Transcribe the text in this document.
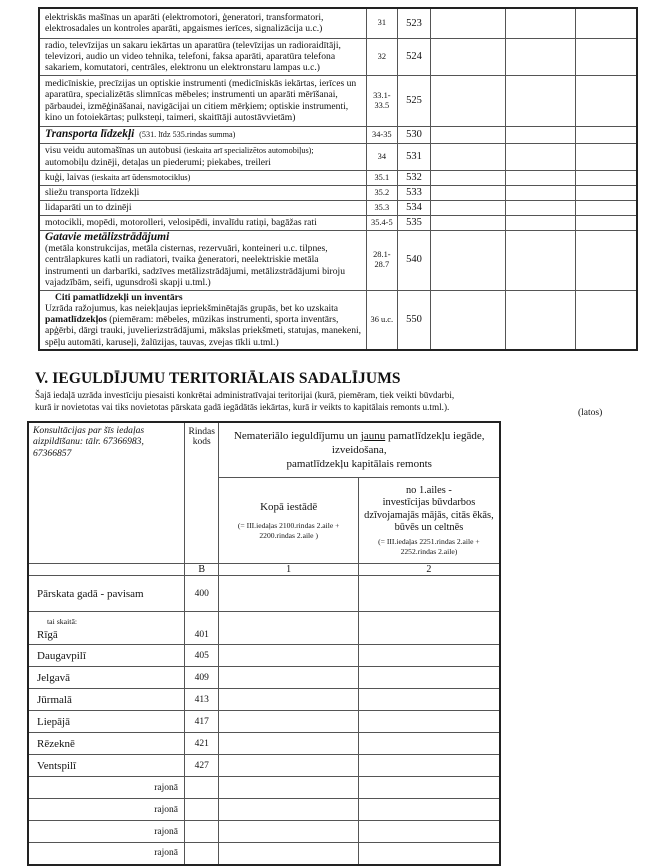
elektriskās mašīnas un aparāti (elektromotori, ģeneratori, transformatori, elektrosadales un kontroles aparāti, apgaismes ierīces, signalizācija u.c.)	31	523			
radio, televīzijas un sakaru iekārtas un aparatūra (televīzijas un radioraidītāji, televizori, audio un video tehnika, telefoni, faksa aparāti, aparatūra telefona sakariem, komutatori, centrāles, elektronu un elektronstaru lampas u.c.)	32	524			
medicīniskie, precīzijas un optiskie instrumenti (medicīniskās iekārtas, ierīces un aparatūra, specializētās slimnīcas mēbeles; instrumenti un aparāti mērīšanai, pārbaudei, izmēģināšanai, navigācijai un citiem mērķiem; optiskie instrumenti, kino un fotoiekārtas; pulksteņi, taimeri, skaitītāji autostāvvietām)	33.1-33.5	525			
Transporta līdzekļi (531. līdz 535.rindas summa)	34-35	530			
visu veidu automašīnas un autobusi (ieskaita arī specializētos automobiļus);
automobiļu dzinēji, detaļas un piederumi; piekabes, treileri	34	531			
kuģi, laivas (ieskaita arī ūdensmotociklus)	35.1	532			
sliežu transporta līdzekļi	35.2	533			
lidaparāti un to dzinēji	35.3	534			
motocikli, mopēdi, motorolleri, velosipēdi, invalīdu ratiņi, bagāžas rati	35.4-5	535			
Gatavie metālizstrādājumi
(metāla konstrukcijas, metāla cisternas, rezervuāri, konteineri u.c. tilpnes, centrālapkures katli un radiatori, tvaika ģeneratori, neelektriskie metāla instrumenti un darbarīki, sadzīves metālizstrādājumi, metālizstrādājumi biroju vajadzībām, seifi, ugunsdroši skapji u.tml.)	28.1-28.7	540			
Citi pamatlīdzekļi un inventārs
Uzrāda ražojumus, kas neiekļaujas iepriekšminētajās grupās, bet ko uzskaita pamatlīdzekļos (piemēram: mēbeles, mūzikas instrumenti, sporta inventārs, apģērbi, dārgi trauki, juvelierizstrādājumi, mākslas priekšmeti, statujas, manekeni, spēļu automāti, karuseļi, žalūzijas, tauvas, zvejas tīkli u.tml.)	36 u.c.	550			
V. IEGULDĪJUMU TERITORIĀLAIS SADALĪJUMS
Šajā iedaļā uzrāda investīciju piesaisti konkrētai administratīvajai teritorijai (kurā, piemēram, tiek veikti būvdarbi,
kurā ir novietotas vai tiks novietotas pārskata gadā iegādātās iekārtas, kurā ir veikts to kapitālais remonts u.tml.).
(latos)
Konsultācijas par šīs iedaļas
aizpildīšanu: tālr. 67366983, 67366857	Rindas
kods	Nemateriālo ieguldījumu un jaunu pamatlīdzekļu iegāde, izveidošana,
pamatlīdzekļu kapitālais remonts	
		Kopā iestādē
(= III.iedaļas 2100.rindas 2.aile + 2200.rindas 2.aile )	no 1.ailes -
investīcijas būvdarbos dzīvojamajās mājās, citās ēkās, būvēs un celtnēs
(= III.iedaļas 2251.rindas 2.aile + 2252.rindas 2.aile)

	B	1	2
Pārskata gadā - pavisam	400		

tai skaitā:
Rīgā	401		
Daugavpilī	405		
Jelgavā	409		
Jūrmalā	413		
Liepājā	417		
Rēzeknē	421		
Ventspilī	427		
rajonā			
rajonā			
rajonā			
rajonā			
